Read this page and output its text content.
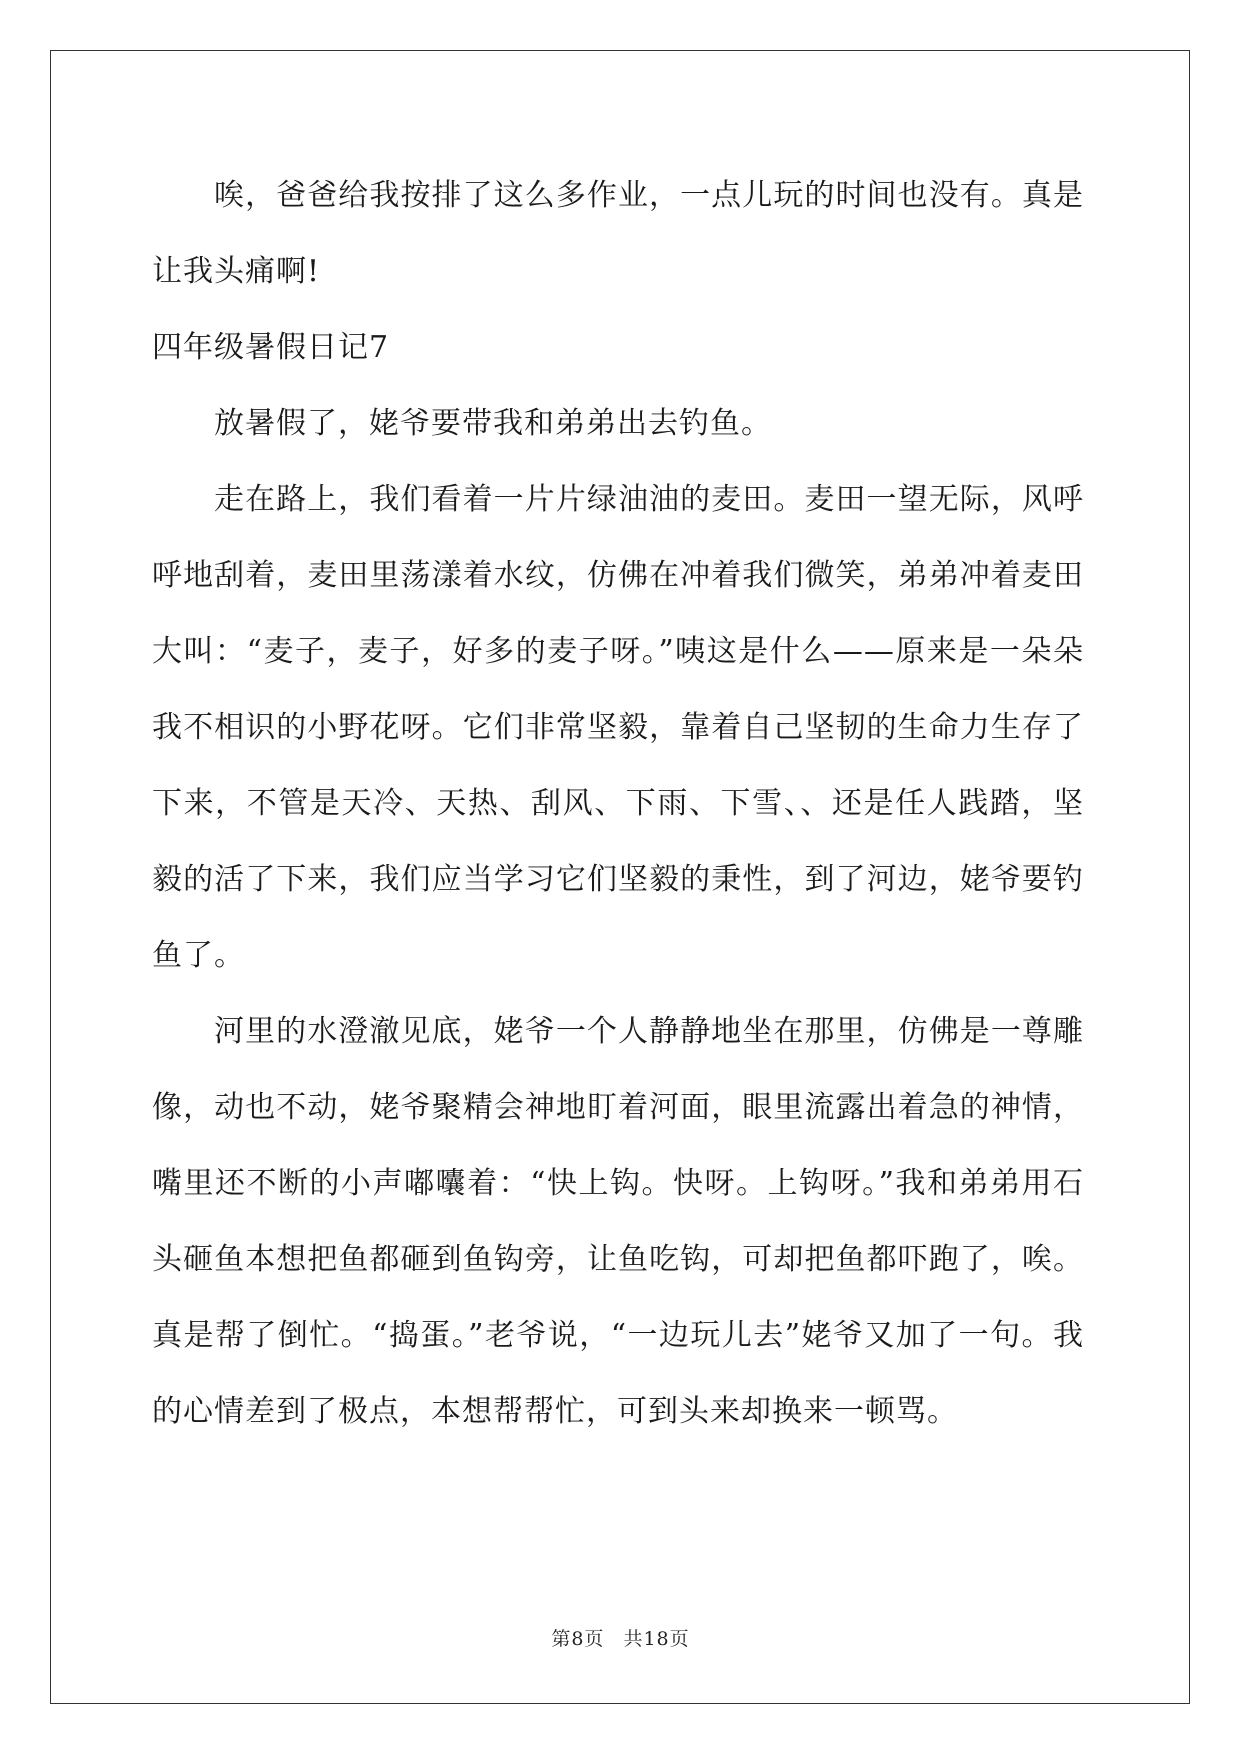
唉，爸爸给我按排了这么多作业，一点儿玩的时间也没有。真是让我头痛啊!

四年级暑假日记7

放暑假了，姥爷要带我和弟弟出去钓鱼。

走在路上，我们看着一片片绿油油的麦田。麦田一望无际，风呼呼地刮着，麦田里荡漾着水纹，仿佛在冲着我们微笑，弟弟冲着麦田大叫：“麦子，麦子，好多的麦子呀。”咦这是什么——原来是一朵朵我不相识的小野花呀。它们非常坚毅，靠着自己坚韧的生命力生存了下来，不管是天冷、天热、刮风、下雨、下雪、、还是任人践踏，坚毅的活了下来，我们应当学习它们坚毅的秉性，到了河边，姥爷要钓鱼了。

河里的水澄澈见底，姥爷一个人静静地坐在那里，仿佛是一尊雕像，动也不动，姥爷聚精会神地盯着河面，眼里流露出着急的神情，嘴里还不断的小声嘟囔着：“快上钩。快呀。上钩呀。”我和弟弟用石头砸鱼本想把鱼都砸到鱼钩旁，让鱼吃钩，可却把鱼都吓跑了，唉。真是帮了倒忙。“捣蛋。”老爷说，“一边玩儿去”姥爷又加了一句。我的心情差到了极点，本想帮帮忙，可到头来却换来一顿骂。

第8页 共18页
